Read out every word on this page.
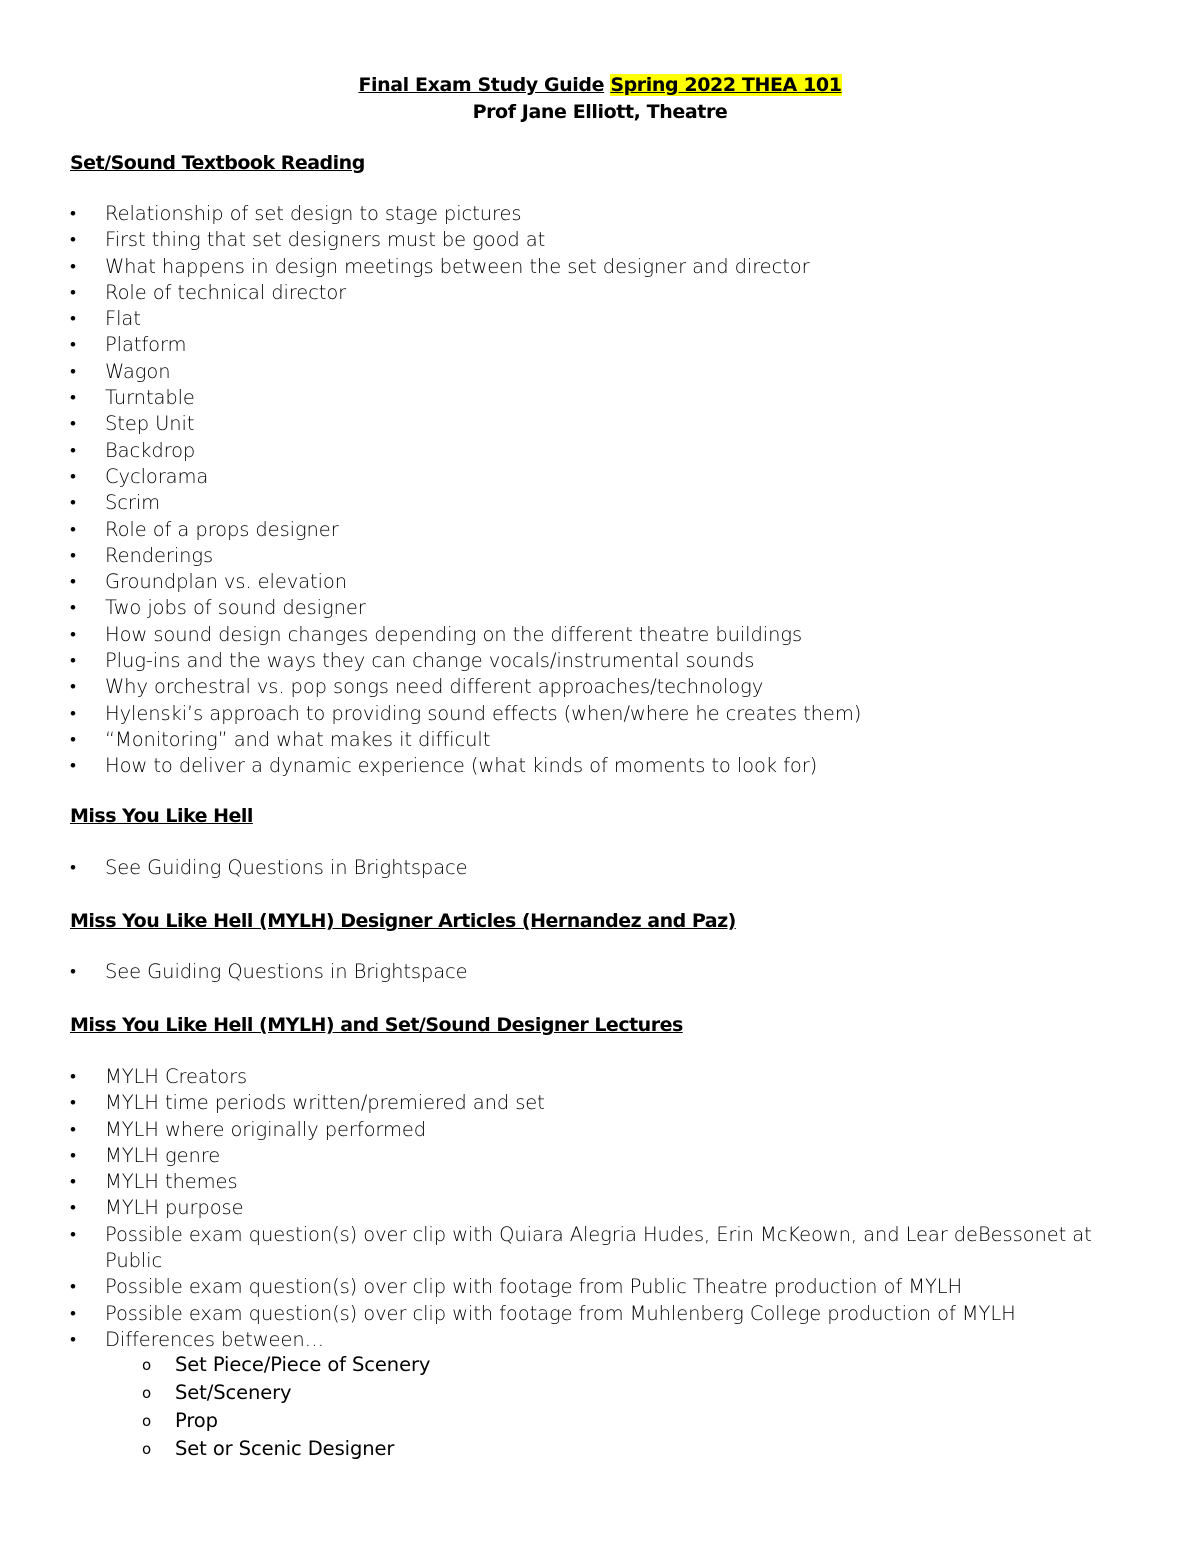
Final Exam Study Guide Spring 2022 THEA 101
Prof Jane Elliott, Theatre
Set/Sound Textbook Reading
• Relationship of set design to stage pictures
• First thing that set designers must be good at
• What happens in design meetings between the set designer and director
• Role of technical director
• Flat
• Platform
• Wagon
• Turntable
• Step Unit
• Backdrop
• Cyclorama
• Scrim
• Role of a props designer
• Renderings
• Groundplan vs. elevation
• Two jobs of sound designer
• How sound design changes depending on the different theatre buildings
• Plug-ins and the ways they can change vocals/instrumental sounds
• Why orchestral vs. pop songs need different approaches/technology
• Hylenski’s approach to providing sound effects (when/where he creates them)
• “Monitoring” and what makes it difficult
• How to deliver a dynamic experience (what kinds of moments to look for)
Miss You Like Hell
• See Guiding Questions in Brightspace
Miss You Like Hell (MYLH) Designer Articles (Hernandez and Paz)
• See Guiding Questions in Brightspace
Miss You Like Hell (MYLH) and Set/Sound Designer Lectures
• MYLH Creators
• MYLH time periods written/premiered and set
• MYLH where originally performed
• MYLH genre
• MYLH themes
• MYLH purpose
• Possible exam question(s) over clip with Quiara Alegria Hudes, Erin McKeown, and Lear deBessonet at Public
• Possible exam question(s) over clip with footage from Public Theatre production of MYLH
• Possible exam question(s) over clip with footage from Muhlenberg College production of MYLH
• Differences between…
o Set Piece/Piece of Scenery
o Set/Scenery
o Prop
o Set or Scenic Designer
